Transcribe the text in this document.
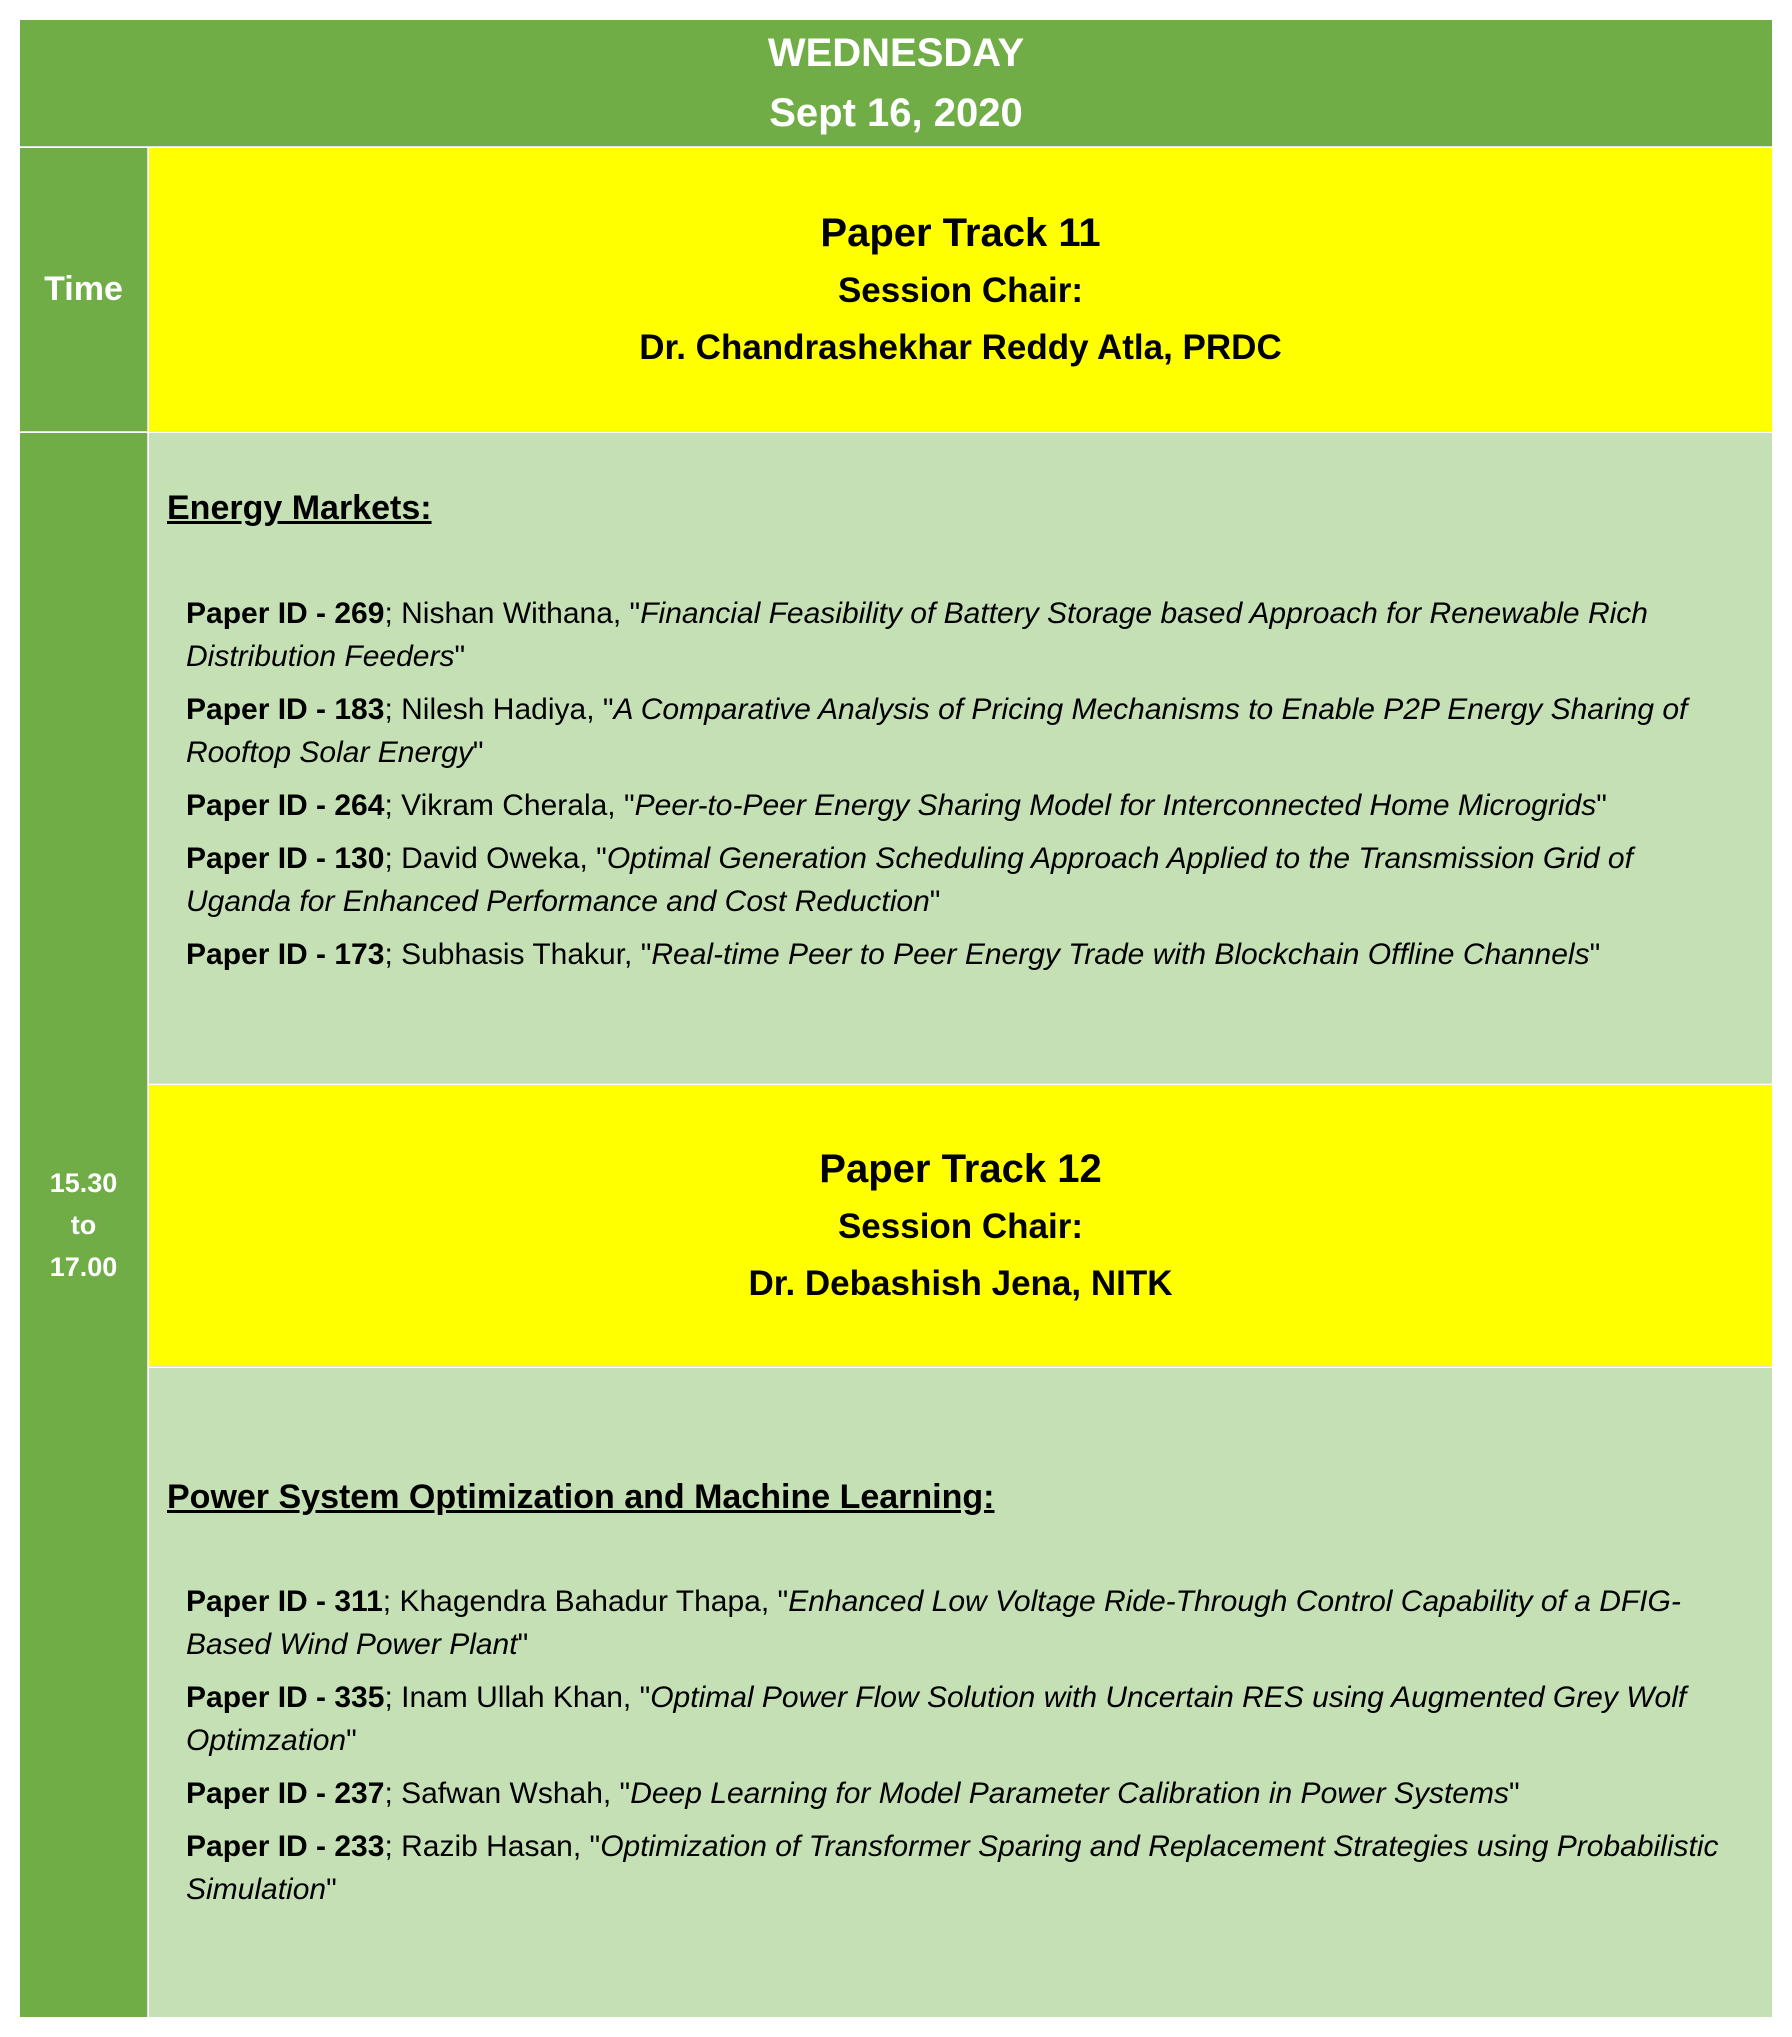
WEDNESDAY
Sept 16, 2020
Time
15.30
to
17.00
Paper Track 11
Session Chair:
Dr. Chandrashekhar Reddy Atla, PRDC
Energy Markets:
Paper ID - 269; Nishan Withana, "Financial Feasibility of Battery Storage based Approach for Renewable Rich Distribution Feeders"
Paper ID - 183; Nilesh Hadiya, "A Comparative Analysis of Pricing Mechanisms to Enable P2P Energy Sharing of Rooftop Solar Energy"
Paper ID - 264; Vikram Cherala, "Peer-to-Peer Energy Sharing Model for Interconnected Home Microgrids"
Paper ID - 130; David Oweka, "Optimal Generation Scheduling Approach Applied to the Transmission Grid of Uganda for Enhanced Performance and Cost Reduction"
Paper ID - 173; Subhasis Thakur, "Real-time Peer to Peer Energy Trade with Blockchain Offline Channels"
Paper Track 12
Session Chair:
Dr. Debashish Jena, NITK
Power System Optimization and Machine Learning:
Paper ID - 311; Khagendra Bahadur Thapa, "Enhanced Low Voltage Ride-Through Control Capability of a DFIG-Based Wind Power Plant"
Paper ID - 335; Inam Ullah Khan, "Optimal Power Flow Solution with Uncertain RES using Augmented Grey Wolf Optimzation"
Paper ID - 237; Safwan Wshah, "Deep Learning for Model Parameter Calibration in Power Systems"
Paper ID - 233; Razib Hasan, "Optimization of Transformer Sparing and Replacement Strategies using Probabilistic Simulation"
